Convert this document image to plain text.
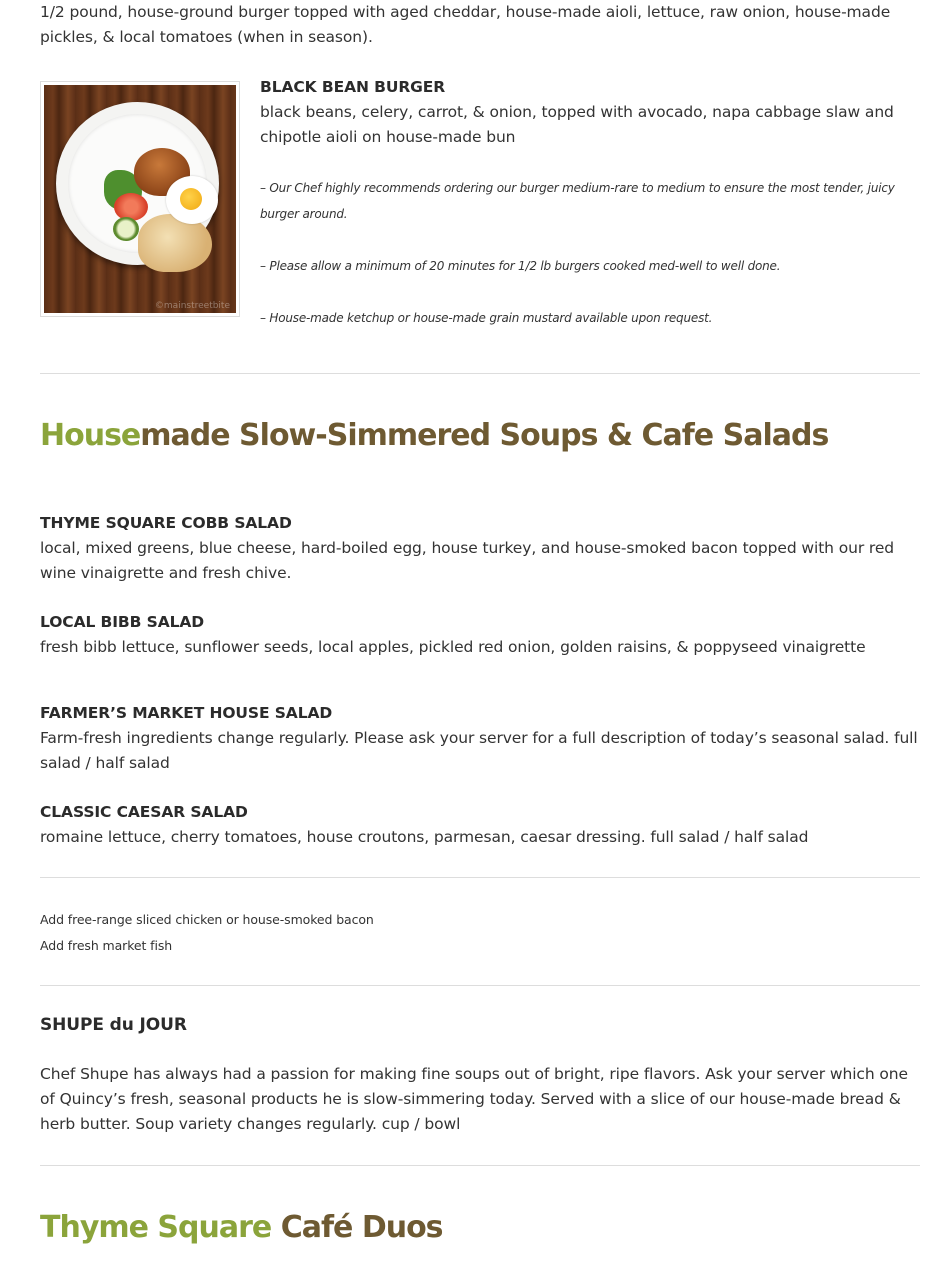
1/2 pound, house-ground burger topped with aged cheddar, house-made aioli, lettuce, raw onion, house-made pickles, & local tomatoes (when in season).

©mainstreetbite
BLACK BEAN BURGER
black beans, celery, carrot, & onion, topped with avocado, napa cabbage slaw and chipotle aioli on house-made bun

– Our Chef highly recommends ordering our burger medium-rare to medium to ensure the most tender, juicy burger around.

– Please allow a minimum of 20 minutes for 1/2 lb burgers cooked med-well to well done.

– House-made ketchup or house-made grain mustard available upon request.

Housemade Slow-Simmered Soups & Cafe Salads
THYME SQUARE COBB SALAD
local, mixed greens, blue cheese, hard-boiled egg, house turkey, and house-smoked bacon topped with our red wine vinaigrette and fresh chive.
LOCAL BIBB SALAD
fresh bibb lettuce, sunflower seeds, local apples, pickled red onion, golden raisins, & poppyseed vinaigrette
FARMER’S MARKET HOUSE SALAD
Farm-fresh ingredients change regularly. Please ask your server for a full description of today’s seasonal salad. full salad / half salad
CLASSIC CAESAR SALAD
romaine lettuce, cherry tomatoes, house croutons, parmesan, caesar dressing. full salad / half salad
Add free-range sliced chicken or house-smoked bacon
Add fresh market fish
SHUPE du JOUR

Chef Shupe has always had a passion for making fine soups out of bright, ripe flavors. Ask your server which one of Quincy’s fresh, seasonal products he is slow-simmering today. Served with a slice of our house-made bread & herb butter. Soup variety changes regularly. cup / bowl

Thyme Square Café Duos
